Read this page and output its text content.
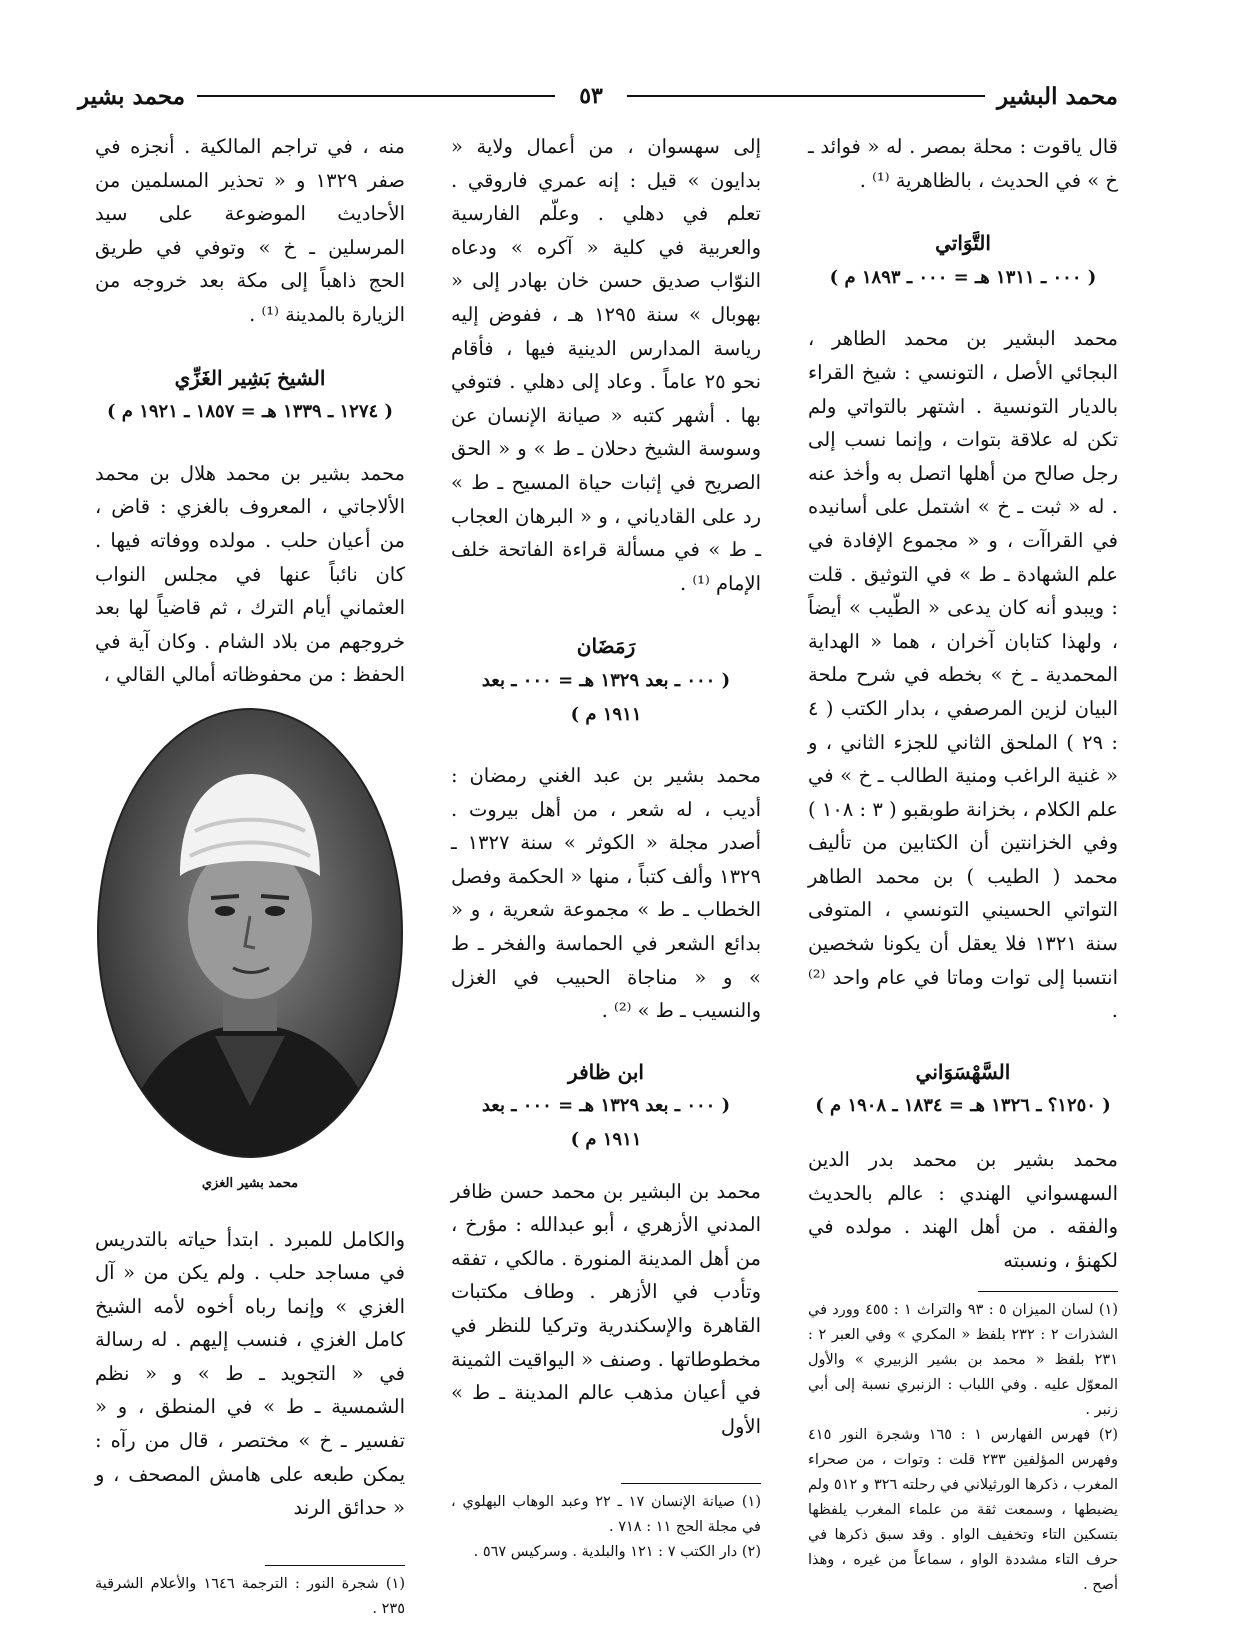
محمد البشير
٥٣
محمد بشير

قال ياقوت : محلة بمصر . له « فوائد ـ خ » في الحديث ، بالظاهرية ⁽¹⁾ .

التَّوَاتي

( ٠٠٠ ـ ١٣١١ هـ = ٠٠٠ ـ ١٨٩٣ م )

محمد البشير بن محمد الطاهر ، البجائي الأصل ، التونسي : شيخ القراء بالديار التونسية . اشتهر بالتواتي ولم تكن له علاقة بتوات ، وإنما نسب إلى رجل صالح من أهلها اتصل به وأخذ عنه . له « ثبت ـ خ » اشتمل على أسانيده في القراآت ، و « مجموع الإفادة في علم الشهادة ـ ط » في التوثيق . قلت : ويبدو أنه كان يدعى « الطّيب » أيضاً ، ولهذا كتابان آخران ، هما « الهداية المحمدية ـ خ » بخطه في شرح ملحة البيان لزين المرصفي ، بدار الكتب ( ٤ : ٢٩ ) الملحق الثاني للجزء الثاني ، و « غنية الراغب ومنية الطالب ـ خ » في علم الكلام ، بخزانة طوبقبو ( ٣ : ١٠٨ ) وفي الخزانتين أن الكتابين من تأليف محمد ( الطيب ) بن محمد الطاهر التواتي الحسيني التونسي ، المتوفى سنة ١٣٢١ فلا يعقل أن يكونا شخصين انتسبا إلى توات وماتا في عام واحد ⁽²⁾ .

السَّهْسَوَاني

( ١٢٥٠؟ ـ ١٣٢٦ هـ = ١٨٣٤ ـ ١٩٠٨ م )

محمد بشير بن محمد بدر الدين السهسواني الهندي : عالم بالحديث والفقه . من أهل الهند . مولده في لكهنؤ ، ونسبته

(١) لسان الميزان ٥ : ٩٣ والتراث ١ : ٤٥٥ وورد في الشذرات ٢ : ٢٣٢ بلفظ « المكري » وفي العبر ٢ : ٢٣١ بلفظ « محمد بن بشير الزبيري » والأول المعوّل عليه . وفي اللباب : الزنبري نسبة إلى أبي زنبر .

(٢) فهرس الفهارس ١ : ١٦٥ وشجرة النور ٤١٥ وفهرس المؤلفين ٢٣٣ قلت : وتوات ، من صحراء المغرب ، ذكرها الورثيلاني في رحلته ٣٢٦ و ٥١٢ ولم يضبطها ، وسمعت ثقة من علماء المغرب يلفظها بتسكين التاء وتخفيف الواو . وقد سبق ذكرها في حرف التاء مشددة الواو ، سماعاً من غيره ، وهذا أصح .

إلى سهسوان ، من أعمال ولاية « بدايون » قيل : إنه عمري فاروقي . تعلم في دهلي . وعلّم الفارسية والعربية في كلية « آكره » ودعاه النوّاب صديق حسن خان بهادر إلى « بهوبال » سنة ١٢٩٥ هـ ، ففوض إليه رياسة المدارس الدينية فيها ، فأقام نحو ٢٥ عاماً . وعاد إلى دهلي . فتوفي بها . أشهر كتبه « صيانة الإنسان عن وسوسة الشيخ دحلان ـ ط » و « الحق الصريح في إثبات حياة المسيح ـ ط » رد على القادياني ، و « البرهان العجاب ـ ط » في مسألة قراءة الفاتحة خلف الإمام ⁽¹⁾ .

رَمَضَان

( ٠٠٠ ـ بعد ١٣٢٩ هـ = ٠٠٠ ـ بعد

١٩١١ م )

محمد بشير بن عبد الغني رمضان : أديب ، له شعر ، من أهل بيروت . أصدر مجلة « الكوثر » سنة ١٣٢٧ ـ ١٣٢٩ وألف كتباً ، منها « الحكمة وفصل الخطاب ـ ط » مجموعة شعرية ، و « بدائع الشعر في الحماسة والفخر ـ ط » و « مناجاة الحبيب في الغزل والنسيب ـ ط » ⁽²⁾ .

ابن ظافر

( ٠٠٠ ـ بعد ١٣٢٩ هـ = ٠٠٠ ـ بعد

١٩١١ م )

محمد بن البشير بن محمد حسن ظافر المدني الأزهري ، أبو عبدالله : مؤرخ ، من أهل المدينة المنورة . مالكي ، تفقه وتأدب في الأزهر . وطاف مكتبات القاهرة والإسكندرية وتركيا للنظر في مخطوطاتها . وصنف « اليواقيت الثمينة في أعيان مذهب عالم المدينة ـ ط » الأول

(١) صيانة الإنسان ١٧ ـ ٢٢ وعبد الوهاب البهلوي ، في مجلة الحج ١١ : ٧١٨ .

(٢) دار الكتب ٧ : ١٢١ والبلدية . وسركيس ٥٦٧ .

منه ، في تراجم المالكية . أنجزه في صفر ١٣٢٩ و « تحذير المسلمين من الأحاديث الموضوعة على سيد المرسلين ـ خ » وتوفي في طريق الحج ذاهباً إلى مكة بعد خروجه من الزيارة بالمدينة ⁽¹⁾ .

الشيخ بَشِير الغَزِّي

( ١٢٧٤ ـ ١٣٣٩ هـ = ١٨٥٧ ـ ١٩٢١ م )

محمد بشير بن محمد هلال بن محمد الألاجاتي ، المعروف بالغزي : قاض ، من أعيان حلب . مولده ووفاته فيها . كان نائباً عنها في مجلس النواب العثماني أيام الترك ، ثم قاضياً لها بعد خروجهم من بلاد الشام . وكان آية في الحفظ : من محفوظاته أمالي القالي ،

محمد بشير الغزي

والكامل للمبرد . ابتدأ حياته بالتدريس في مساجد حلب . ولم يكن من « آل الغزي » وإنما رباه أخوه لأمه الشيخ كامل الغزي ، فنسب إليهم . له رسالة في « التجويد ـ ط » و « نظم الشمسية ـ ط » في المنطق ، و « تفسير ـ خ » مختصر ، قال من رآه : يمكن طبعه على هامش المصحف ، و « حدائق الرند

(١) شجرة النور : الترجمة ١٦٤٦ والأعلام الشرقية ٢٣٥ .
